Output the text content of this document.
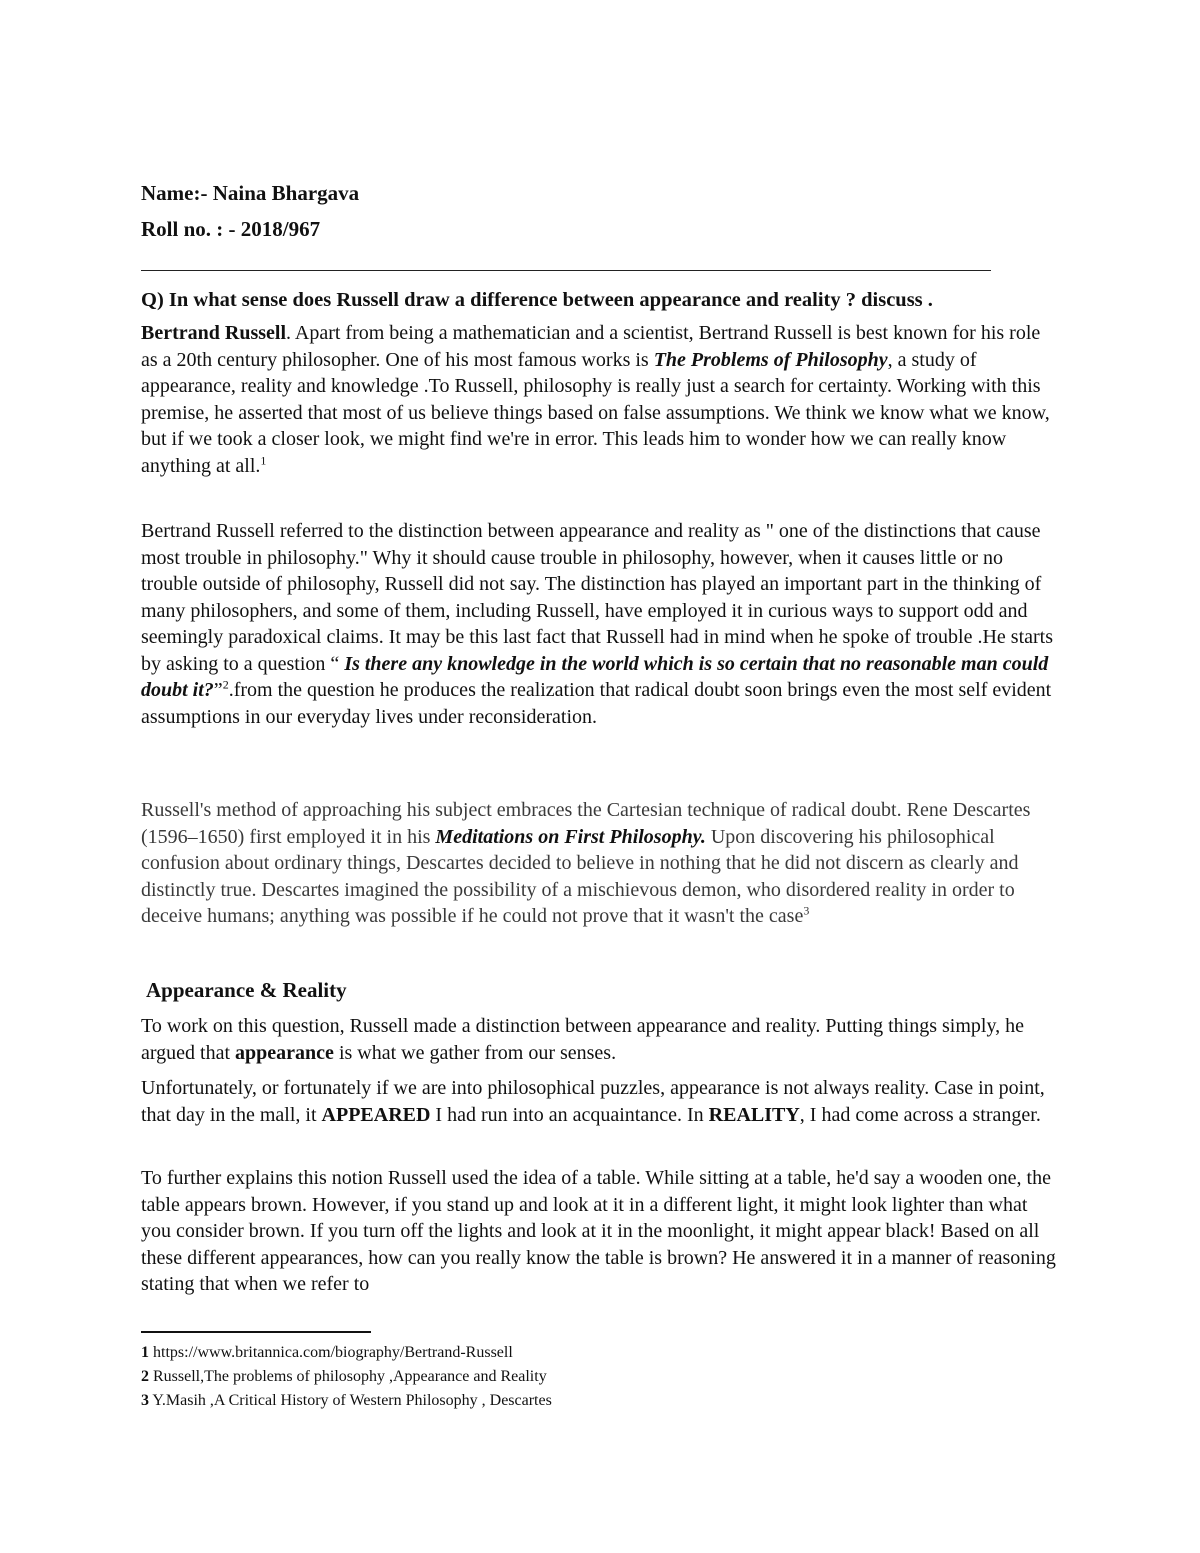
Name:- Naina Bhargava
Roll no. : - 2018/967
Q) In what sense does Russell draw a difference between appearance and reality ? discuss .
Bertrand Russell. Apart from being a mathematician and a scientist, Bertrand Russell is best known for his role as a 20th century philosopher. One of his most famous works is The Problems of Philosophy, a study of appearance, reality and knowledge .To Russell, philosophy is really just a search for certainty. Working with this premise, he asserted that most of us believe things based on false assumptions. We think we know what we know, but if we took a closer look, we might find we're in error. This leads him to wonder how we can really know anything at all.$^1$
Bertrand Russell referred to the distinction between appearance and reality as " one of the distinctions that cause most trouble in philosophy." Why it should cause trouble in philosophy, however, when it causes little or no trouble outside of philosophy, Russell did not say. The distinction has played an important part in the thinking of many philosophers, and some of them, including Russell, have employed it in curious ways to support odd and seemingly paradoxical claims. It may be this last fact that Russell had in mind when he spoke of trouble .He starts by asking to a question “ Is there any knowledge in the world which is so certain that no reasonable man could doubt it?”$^2$.from the question he produces the realization that radical doubt soon brings even the most self evident assumptions in our everyday lives under reconsideration.
Russell's method of approaching his subject embraces the Cartesian technique of radical doubt. Rene Descartes (1596–1650) first employed it in his Meditations on First Philosophy. Upon discovering his philosophical confusion about ordinary things, Descartes decided to believe in nothing that he did not discern as clearly and distinctly true. Descartes imagined the possibility of a mischievous demon, who disordered reality in order to deceive humans; anything was possible if he could not prove that it wasn't the case$^3$
Appearance & Reality
To work on this question, Russell made a distinction between appearance and reality. Putting things simply, he argued that appearance is what we gather from our senses.
Unfortunately, or fortunately if we are into philosophical puzzles, appearance is not always reality. Case in point, that day in the mall, it APPEARED I had run into an acquaintance. In REALITY, I had come across a stranger.
To further explains this notion Russell used the idea of a table. While sitting at a table, he'd say a wooden one, the table appears brown. However, if you stand up and look at it in a different light, it might look lighter than what you consider brown. If you turn off the lights and look at it in the moonlight, it might appear black! Based on all these different appearances, how can you really know the table is brown? He answered it in a manner of reasoning stating that when we refer to
1 https://www.britannica.com/biography/Bertrand-Russell
2 Russell,The problems of philosophy ,Appearance and Reality
3 Y.Masih ,A Critical History of Western Philosophy , Descartes
